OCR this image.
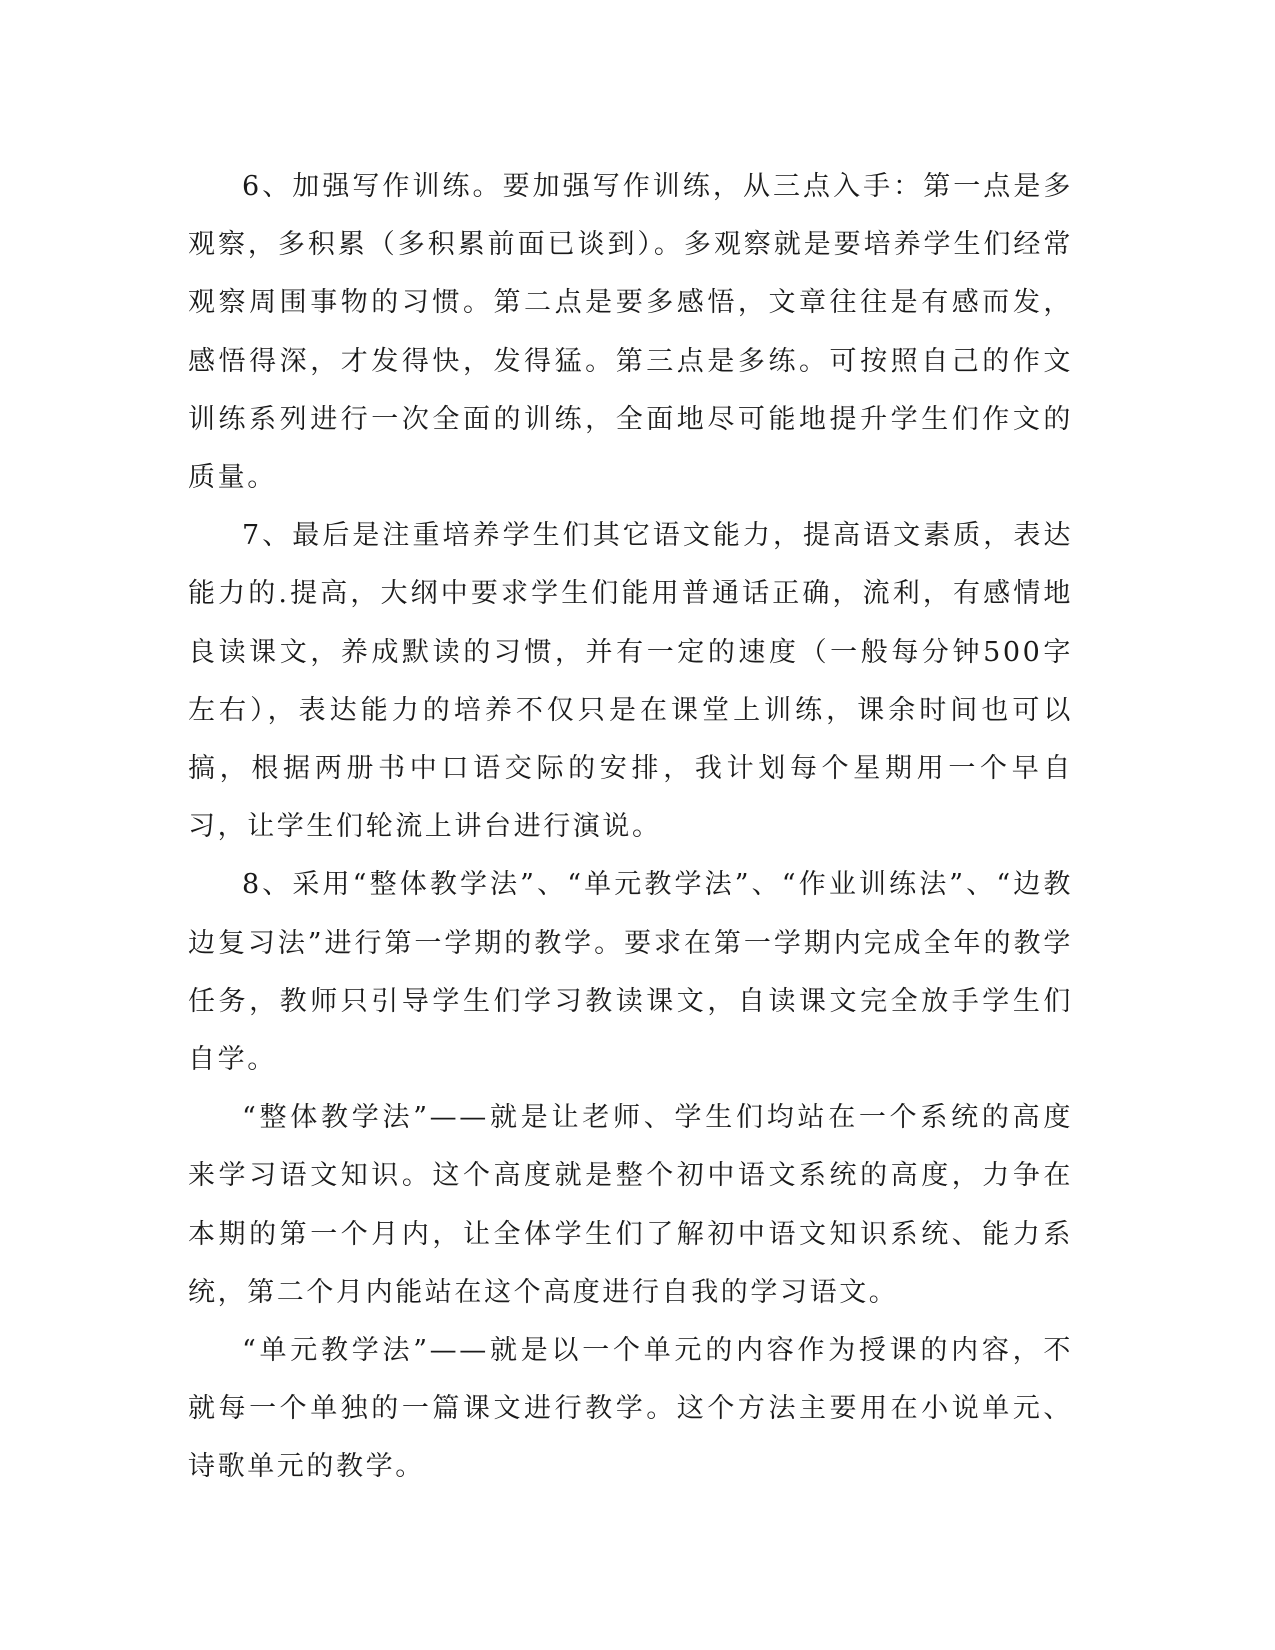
6、加强写作训练。要加强写作训练，从三点入手：第一点是多观察，多积累（多积累前面已谈到）。多观察就是要培养学生们经常观察周围事物的习惯。第二点是要多感悟，文章往往是有感而发，感悟得深，才发得快，发得猛。第三点是多练。可按照自己的作文训练系列进行一次全面的训练，全面地尽可能地提升学生们作文的质量。

7、最后是注重培养学生们其它语文能力，提高语文素质，表达能力的.提高，大纲中要求学生们能用普通话正确，流利，有感情地良读课文，养成默读的习惯，并有一定的速度（一般每分钟500字左右），表达能力的培养不仅只是在课堂上训练，课余时间也可以搞，根据两册书中口语交际的安排，我计划每个星期用一个早自习，让学生们轮流上讲台进行演说。

8、采用“整体教学法”、“单元教学法”、“作业训练法”、“边教边复习法”进行第一学期的教学。要求在第一学期内完成全年的教学任务，教师只引导学生们学习教读课文，自读课文完全放手学生们自学。

“整体教学法”——就是让老师、学生们均站在一个系统的高度来学习语文知识。这个高度就是整个初中语文系统的高度，力争在本期的第一个月内，让全体学生们了解初中语文知识系统、能力系统，第二个月内能站在这个高度进行自我的学习语文。

“单元教学法”——就是以一个单元的内容作为授课的内容，不就每一个单独的一篇课文进行教学。这个方法主要用在小说单元、诗歌单元的教学。
